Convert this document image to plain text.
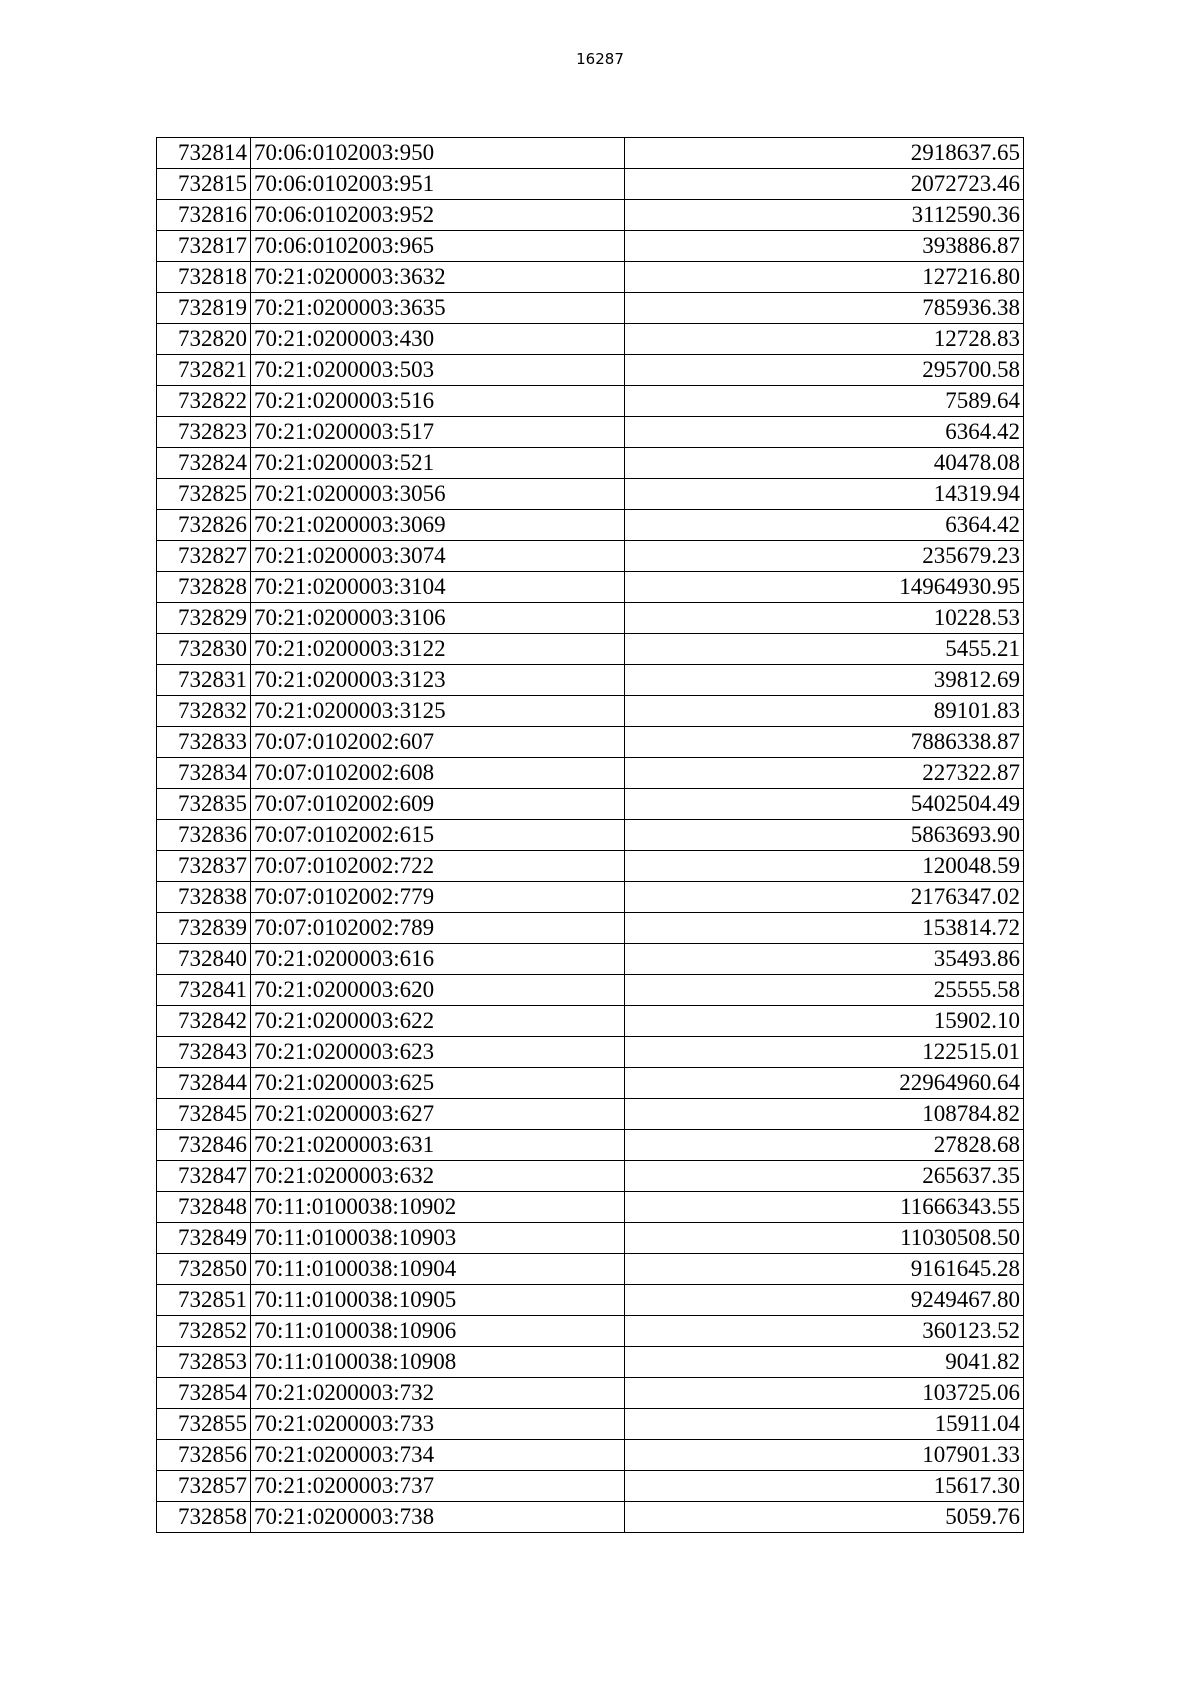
16287
732814	70:06:0102003:950	2918637.65
732815	70:06:0102003:951	2072723.46
732816	70:06:0102003:952	3112590.36
732817	70:06:0102003:965	393886.87
732818	70:21:0200003:3632	127216.80
732819	70:21:0200003:3635	785936.38
732820	70:21:0200003:430	12728.83
732821	70:21:0200003:503	295700.58
732822	70:21:0200003:516	7589.64
732823	70:21:0200003:517	6364.42
732824	70:21:0200003:521	40478.08
732825	70:21:0200003:3056	14319.94
732826	70:21:0200003:3069	6364.42
732827	70:21:0200003:3074	235679.23
732828	70:21:0200003:3104	14964930.95
732829	70:21:0200003:3106	10228.53
732830	70:21:0200003:3122	5455.21
732831	70:21:0200003:3123	39812.69
732832	70:21:0200003:3125	89101.83
732833	70:07:0102002:607	7886338.87
732834	70:07:0102002:608	227322.87
732835	70:07:0102002:609	5402504.49
732836	70:07:0102002:615	5863693.90
732837	70:07:0102002:722	120048.59
732838	70:07:0102002:779	2176347.02
732839	70:07:0102002:789	153814.72
732840	70:21:0200003:616	35493.86
732841	70:21:0200003:620	25555.58
732842	70:21:0200003:622	15902.10
732843	70:21:0200003:623	122515.01
732844	70:21:0200003:625	22964960.64
732845	70:21:0200003:627	108784.82
732846	70:21:0200003:631	27828.68
732847	70:21:0200003:632	265637.35
732848	70:11:0100038:10902	11666343.55
732849	70:11:0100038:10903	11030508.50
732850	70:11:0100038:10904	9161645.28
732851	70:11:0100038:10905	9249467.80
732852	70:11:0100038:10906	360123.52
732853	70:11:0100038:10908	9041.82
732854	70:21:0200003:732	103725.06
732855	70:21:0200003:733	15911.04
732856	70:21:0200003:734	107901.33
732857	70:21:0200003:737	15617.30
732858	70:21:0200003:738	5059.76
